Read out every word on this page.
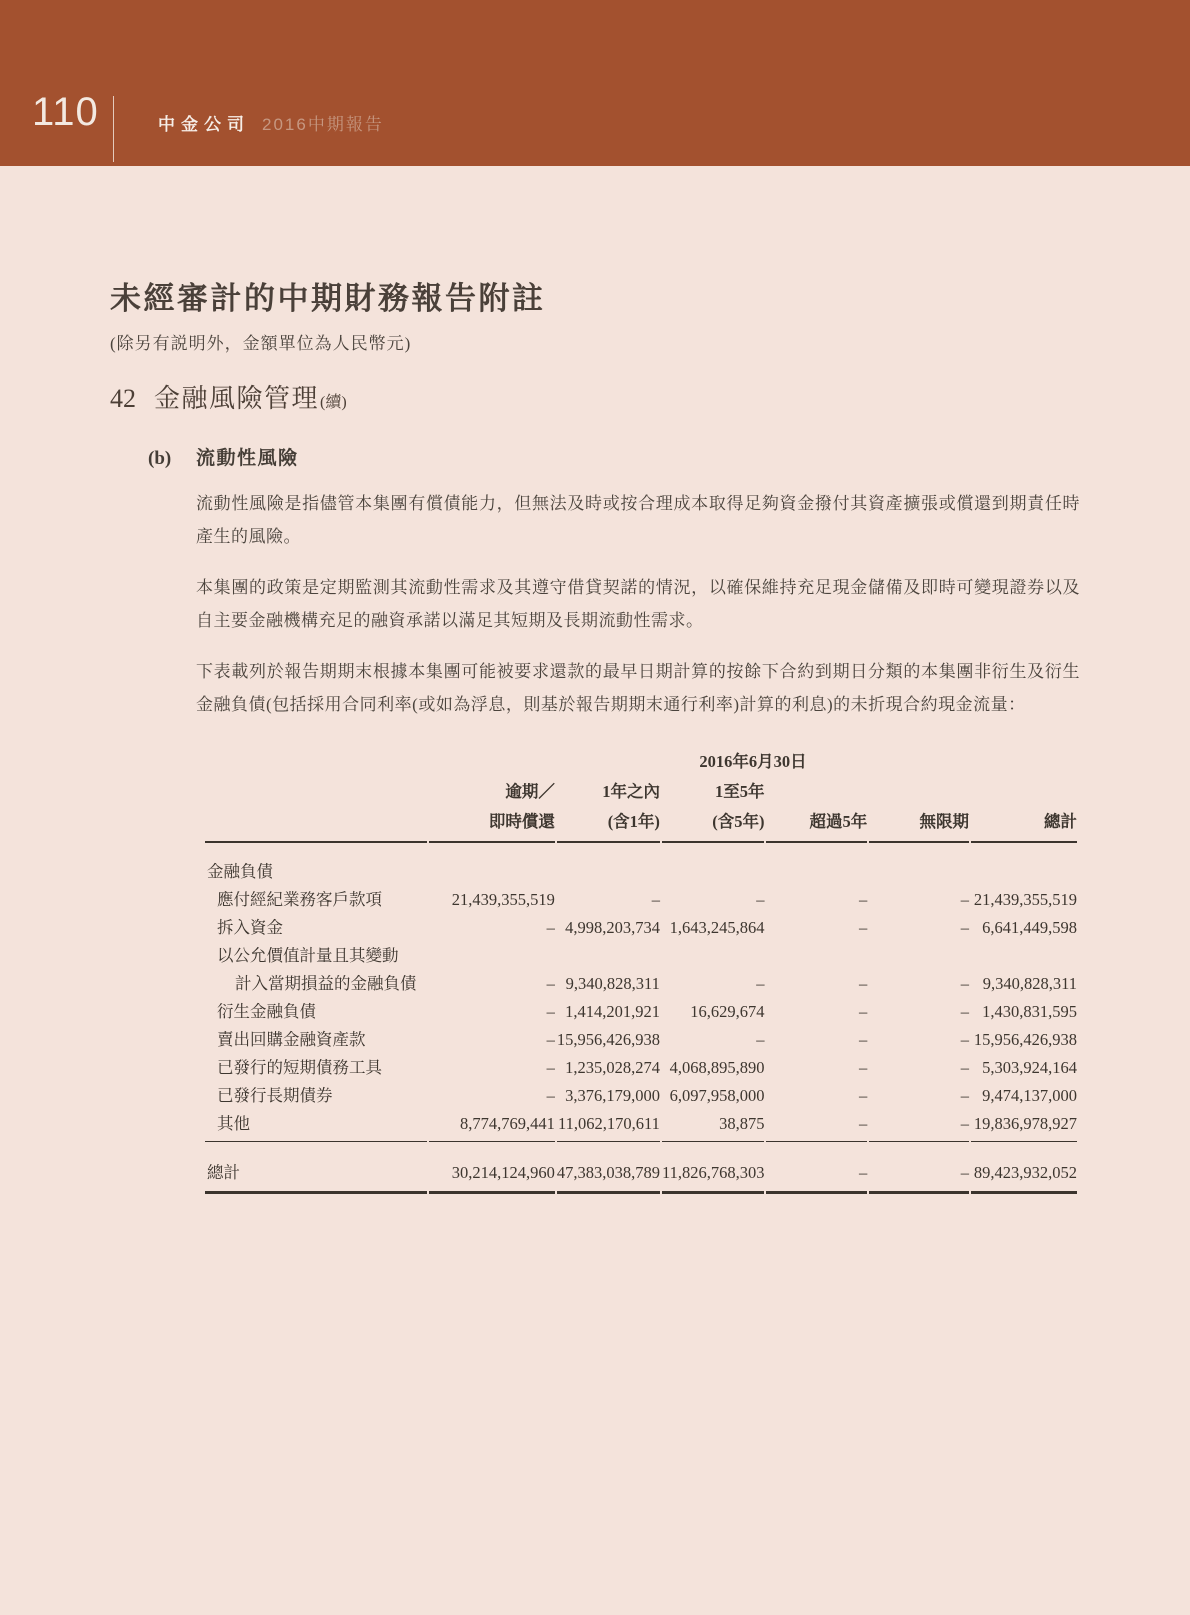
110	中金公司 2016中期報告
未經審計的中期財務報告附註
(除另有説明外，金額單位為人民幣元)
42 金融風險管理 (續)
(b)	流動性風險

流動性風險是指儘管本集團有償債能力，但無法及時或按合理成本取得足夠資金撥付其資產擴張或償還到期責任時產生的風險。

本集團的政策是定期監測其流動性需求及其遵守借貸契諾的情況，以確保維持充足現金儲備及即時可變現證券以及自主要金融機構充足的融資承諾以滿足其短期及長期流動性需求。

下表載列於報告期期末根據本集團可能被要求還款的最早日期計算的按餘下合約到期日分類的本集團非衍生及衍生金融負債(包括採用合同利率(或如為浮息，則基於報告期期末通行利率)計算的利息)的未折現合約現金流量：

	2016年6月30日					
	逾期／	1年之內	1至5年			
	即時償還	(含1年)	(含5年)	超過5年	無限期	總計
金融負債						
應付經紀業務客戶款項	21,439,355,519	–	–	–	–	21,439,355,519
拆入資金	–	4,998,203,734	1,643,245,864	–	–	6,641,449,598
以公允價值計量且其變動						
計入當期損益的金融負債	–	9,340,828,311	–	–	–	9,340,828,311
衍生金融負債	–	1,414,201,921	16,629,674	–	–	1,430,831,595
賣出回購金融資產款	–	15,956,426,938	–	–	–	15,956,426,938
已發行的短期債務工具	–	1,235,028,274	4,068,895,890	–	–	5,303,924,164
已發行長期債券	–	3,376,179,000	6,097,958,000	–	–	9,474,137,000
其他	8,774,769,441	11,062,170,611	38,875	–	–	19,836,978,927
總計	30,214,124,960	47,383,038,789	11,826,768,303	–	–	89,423,932,052
